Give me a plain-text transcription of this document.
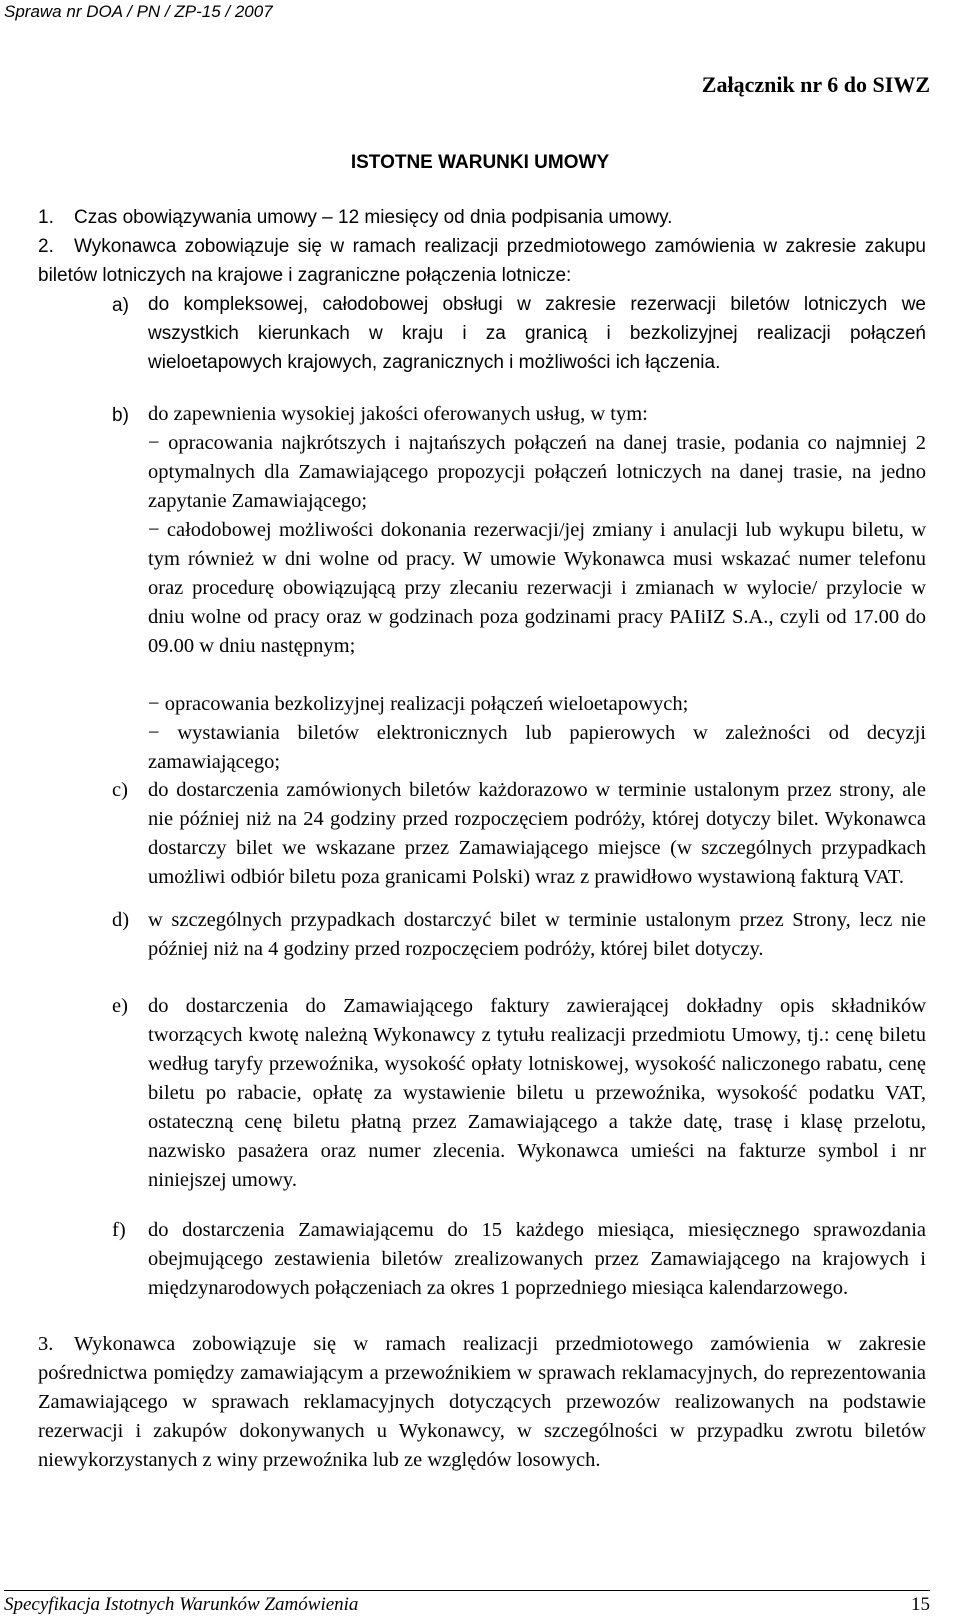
Sprawa nr DOA / PN / ZP-15 / 2007
Załącznik nr 6 do SIWZ
ISTOTNE WARUNKI UMOWY
1. Czas obowiązywania umowy – 12 miesięcy od dnia podpisania umowy.
2.	Wykonawca zobowiązuje się w ramach realizacji przedmiotowego zamówienia w zakresie zakupu biletów lotniczych na krajowe i zagraniczne połączenia lotnicze:
a) do kompleksowej, całodobowej obsługi w zakresie rezerwacji biletów lotniczych we wszystkich kierunkach w kraju i za granicą i bezkolizyjnej realizacji połączeń wieloetapowych krajowych, zagranicznych i możliwości ich łączenia.
b) do zapewnienia wysokiej jakości oferowanych usług, w tym:
− opracowania najkrótszych i najtańszych połączeń na danej trasie, podania co najmniej 2 optymalnych dla Zamawiającego propozycji połączeń lotniczych na danej trasie, na jedno zapytanie Zamawiającego;
− całodobowej możliwości dokonania rezerwacji/jej zmiany i anulacji lub wykupu biletu, w tym również w dni wolne od pracy. W umowie Wykonawca musi wskazać numer telefonu oraz procedurę obowiązującą przy zlecaniu rezerwacji i zmianach w wylocie/ przylocie w dniu wolne od pracy oraz w godzinach poza godzinami pracy PAIiIZ S.A., czyli od 17.00 do 09.00 w dniu następnym;
− opracowania bezkolizyjnej realizacji połączeń wieloetapowych;
− wystawiania biletów elektronicznych lub papierowych w zależności od decyzji zamawiającego;
c) do dostarczenia zamówionych biletów każdorazowo w terminie ustalonym przez strony, ale nie później niż na 24 godziny przed rozpoczęciem podróży, której dotyczy bilet. Wykonawca dostarczy bilet we wskazane przez Zamawiającego miejsce (w szczególnych przypadkach umożliwi odbiór biletu poza granicami Polski) wraz z prawidłowo wystawioną fakturą VAT.
d) w szczególnych przypadkach dostarczyć bilet w terminie ustalonym przez Strony, lecz nie później niż na 4 godziny przed rozpoczęciem podróży, której bilet dotyczy.
e) do dostarczenia do Zamawiającego faktury zawierającej dokładny opis składników tworzących kwotę należną Wykonawcy z tytułu realizacji przedmiotu Umowy, tj.: cenę biletu według taryfy przewoźnika, wysokość opłaty lotniskowej, wysokość naliczonego rabatu, cenę biletu po rabacie, opłatę za wystawienie biletu u przewoźnika, wysokość podatku VAT, ostateczną cenę biletu płatną przez Zamawiającego a także datę, trasę i klasę przelotu, nazwisko pasażera oraz numer zlecenia. Wykonawca umieści na fakturze symbol i nr niniejszej umowy.
f) do dostarczenia Zamawiającemu do 15 każdego miesiąca, miesięcznego sprawozdania obejmującego zestawienia biletów zrealizowanych przez Zamawiającego na krajowych i międzynarodowych połączeniach za okres 1 poprzedniego miesiąca kalendarzowego.
3.	Wykonawca zobowiązuje się w ramach realizacji przedmiotowego zamówienia w zakresie pośrednictwa pomiędzy zamawiającym a przewoźnikiem w sprawach reklamacyjnych, do reprezentowania Zamawiającego w sprawach reklamacyjnych dotyczących przewozów realizowanych na podstawie rezerwacji i zakupów dokonywanych u Wykonawcy, w szczególności w przypadku zwrotu biletów niewykorzystanych z winy przewoźnika lub ze względów losowych.
Specyfikacja Istotnych Warunków Zamówienia	15
